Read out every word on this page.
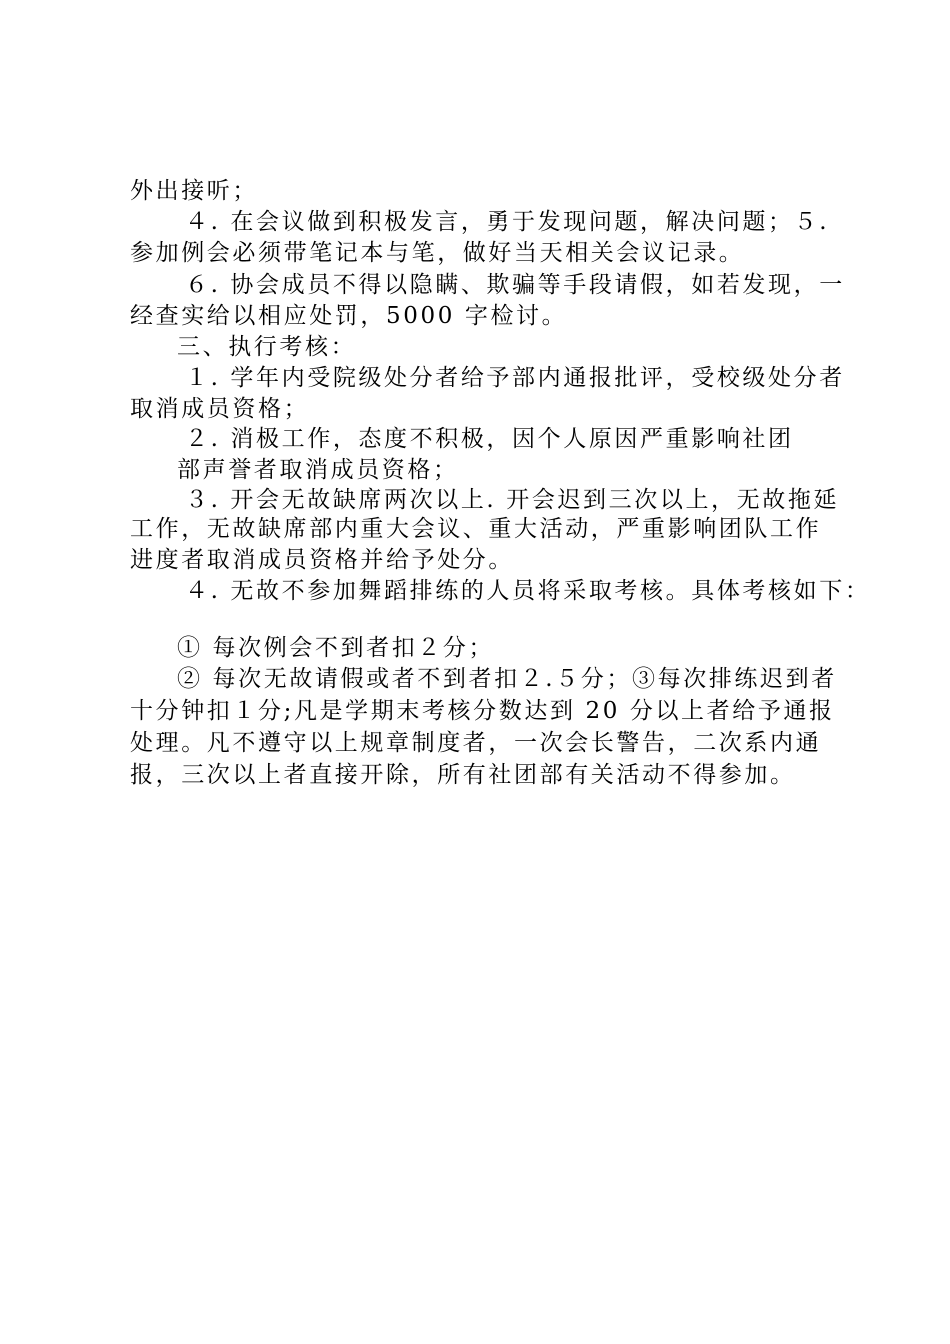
外出接听；
４. 在会议做到积极发言，勇于发现问题，解决问题；５.
参加例会必须带笔记本与笔，做好当天相关会议记录。
６. 协会成员不得以隐瞒、欺骗等手段请假，如若发现，一
经查实给以相应处罚，5000 字检讨。
三、执行考核：
１. 学年内受院级处分者给予部内通报批评，受校级处分者
取消成员资格；
２. 消极工作，态度不积极，因个人原因严重影响社团
部声誉者取消成员资格；
３. 开会无故缺席两次以上. 开会迟到三次以上，无故拖延
工作，无故缺席部内重大会议、重大活动，严重影响团队工作
进度者取消成员资格并给予处分。
４. 无故不参加舞蹈排练的人员将采取考核。具体考核如下：
① 每次例会不到者扣２分；
② 每次无故请假或者不到者扣２.５分；③每次排练迟到者
十分钟扣１分;凡是学期末考核分数达到 20 分以上者给予通报
处理。凡不遵守以上规章制度者，一次会长警告，二次系内通
报，三次以上者直接开除，所有社团部有关活动不得参加。
